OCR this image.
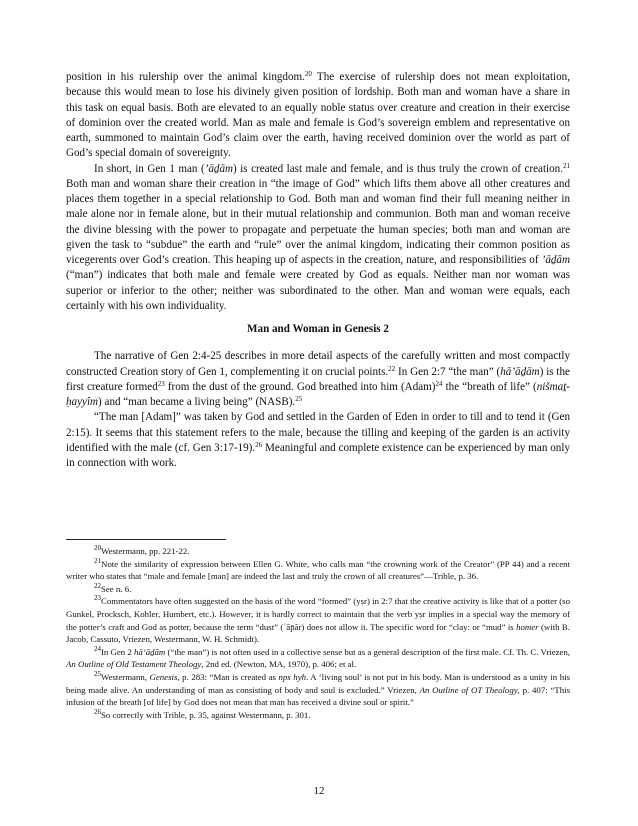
position in his rulership over the animal kingdom.$^{20}$ The exercise of rulership does not mean exploitation, because this would mean to lose his divinely given position of lordship. Both man and woman have a share in this task on equal basis. Both are elevated to an equally noble status over creature and creation in their exercise of dominion over the created world. Man as male and female is God’s sovereign emblem and representative on earth, summoned to maintain God’s claim over the earth, having received dominion over the world as part of God’s special domain of sovereignty.

In short, in Gen 1 man (’āḏām) is created last male and female, and is thus truly the crown of creation.$^{21}$ Both man and woman share their creation in “the image of God” which lifts them above all other creatures and places them together in a special relationship to God. Both man and woman find their full meaning neither in male alone nor in female alone, but in their mutual relationship and communion. Both man and woman receive the divine blessing with the power to propagate and perpetuate the human species; both man and woman are given the task to “subdue” the earth and “rule” over the animal kingdom, indicating their common position as vicegerents over God’s creation. This heaping up of aspects in the creation, nature, and responsibilities of ’āḏām (“man”) indicates that both male and female were created by God as equals. Neither man nor woman was superior or inferior to the other; neither was subordinated to the other. Man and woman were equals, each certainly with his own individuality.

Man and Woman in Genesis 2

The narrative of Gen 2:4-25 describes in more detail aspects of the carefully written and most compactly constructed Creation story of Gen 1, complementing it on crucial points.$^{22}$ In Gen 2:7 “the man” (hā’āḏām) is the first creature formed$^{23}$ from the dust of the ground. God breathed into him (Adam)$^{24}$ the “breath of life” (nišmaṯ-ḥayyîm) and “man became a living being” (NASB).$^{25}$

“The man [Adam]” was taken by God and settled in the Garden of Eden in order to till and to tend it (Gen 2:15). It seems that this statement refers to the male, because the tilling and keeping of the garden is an activity identified with the male (cf. Gen 3:17-19).$^{26}$ Meaningful and complete existence can be experienced by man only in connection with work.

$^{20}$Westermann, pp. 221-22.

$^{21}$Note the similarity of expression between Ellen G. White, who calls man “the crowning work of the Creator” (PP 44) and a recent writer who states that “male and female [man] are indeed the last and truly the crown of all creatures”—Trible, p. 36.

$^{22}$See n. 6.

$^{23}$Commentators have often suggested on the basis of the word “formed” (yṣr) in 2:7 that the creative activity is like that of a potter (so Gunkel, Procksch, Kohler, Humbert, etc.). However, it is hardly correct to maintain that the verb yṣr implies in a special way the memory of the potter’s craft and God as potter, because the term “dust” (ʿāp̄ār) does not allow it. The specific word for “clay: or “mud” is homer (with B. Jacob, Cassuto, Vriezen, Westermann, W. H. Schmidt).

$^{24}$In Gen 2 hā’āḏām (“the man”) is not often used in a collective sense but as a general description of the first male. Cf. Th. C. Vriezen, An Outline of Old Testament Theology, 2nd ed. (Newton, MA, 1970), p. 406; et al.

$^{25}$Westermann, Genesis, p. 283: “Man is created as nps hyh. A ‘living soul’ is not put in his body. Man is understood as a unity in his being made alive. An understanding of man as consisting of body and soul is excluded.” Vriezen, An Outline of OT Theology, p. 407: “This infusion of the breath [of life] by God does not mean that man has received a divine soul or spirit.”

$^{26}$So correctly with Trible, p. 35, against Westermann, p. 301.

12
